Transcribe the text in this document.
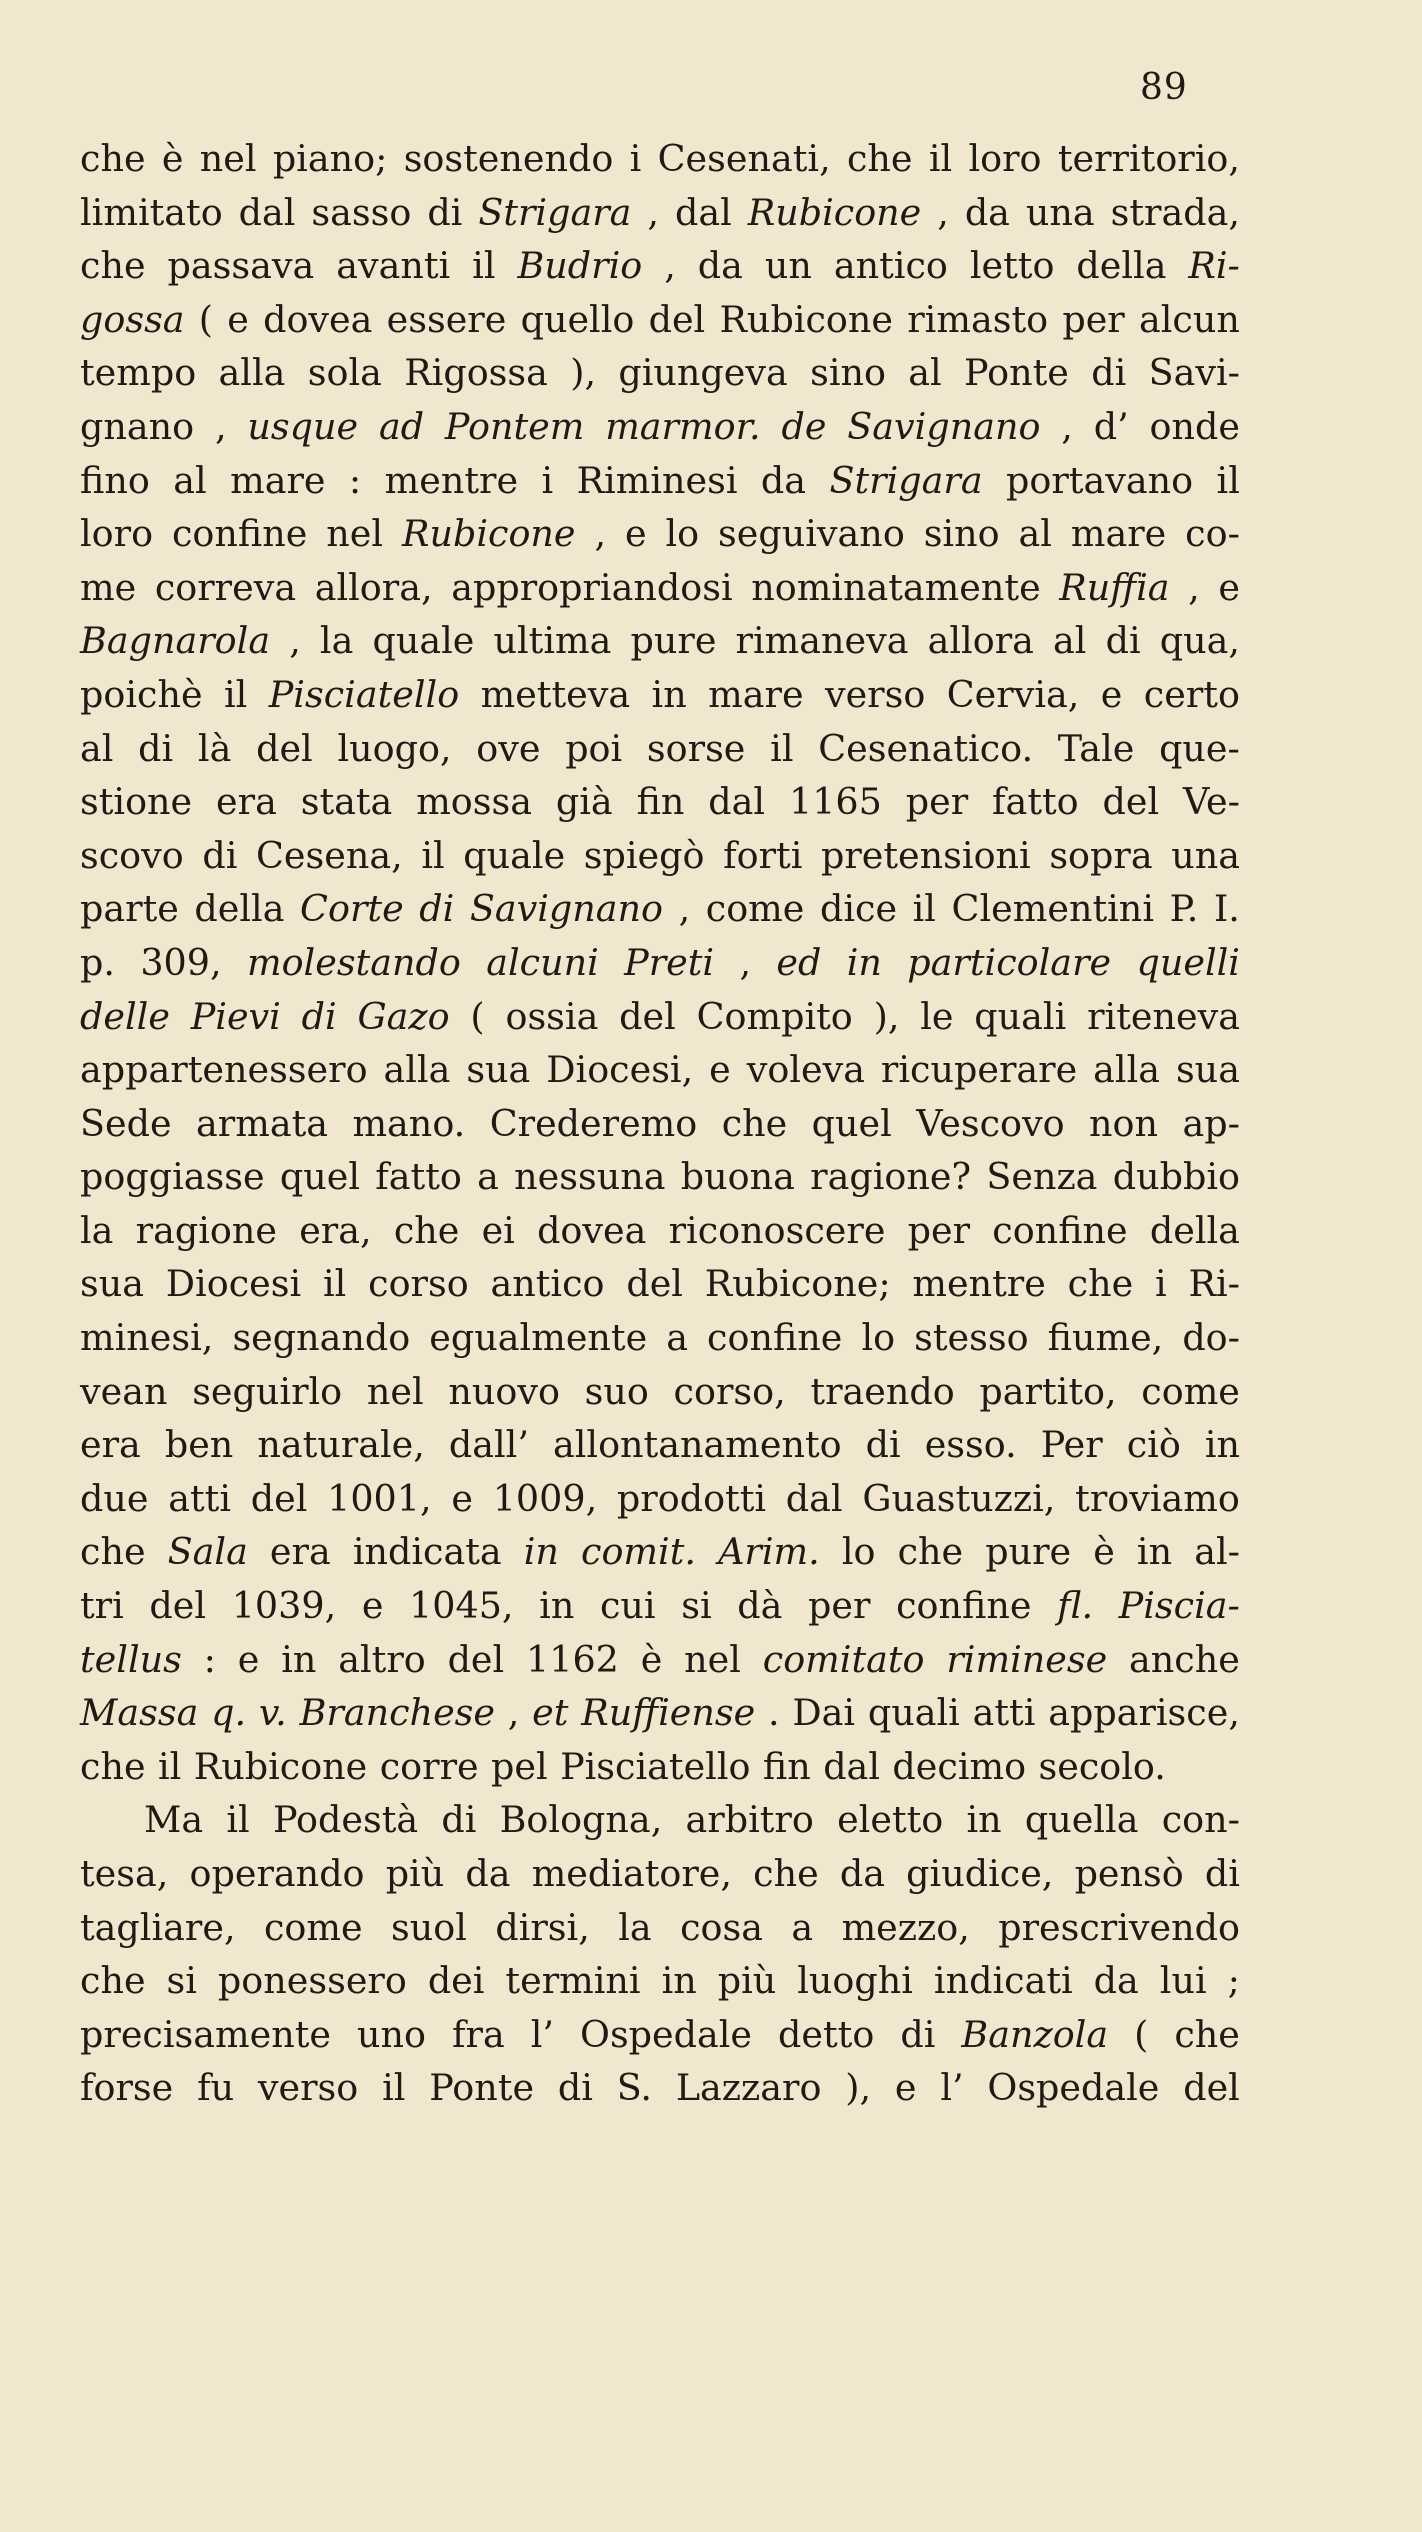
89
che è nel piano; sostenendo i Cesenati, che il loro territorio,
limitato dal sasso di Strigara , dal Rubicone , da una strada,
che passava avanti il Budrio , da un antico letto della Ri-
gossa ( e dovea essere quello del Rubicone rimasto per alcun
tempo alla sola Rigossa ), giungeva sino al Ponte di Savi-
gnano , usque ad Pontem marmor. de Savignano , d’ onde
fino al mare : mentre i Riminesi da Strigara portavano il
loro confine nel Rubicone , e lo seguivano sino al mare co-
me correva allora, appropriandosi nominatamente Ruffia , e
Bagnarola , la quale ultima pure rimaneva allora al di qua,
poichè il Pisciatello metteva in mare verso Cervia, e certo
al di là del luogo, ove poi sorse il Cesenatico. Tale que-
stione era stata mossa già fin dal 1165 per fatto del Ve-
scovo di Cesena, il quale spiegò forti pretensioni sopra una
parte della Corte di Savignano , come dice il Clementini P. I.
p. 309, molestando alcuni Preti , ed in particolare quelli
delle Pievi di Gazo ( ossia del Compito ), le quali riteneva
appartenessero alla sua Diocesi, e voleva ricuperare alla sua
Sede armata mano. Crederemo che quel Vescovo non ap-
poggiasse quel fatto a nessuna buona ragione? Senza dubbio
la ragione era, che ei dovea riconoscere per confine della
sua Diocesi il corso antico del Rubicone; mentre che i Ri-
minesi, segnando egualmente a confine lo stesso fiume, do-
vean seguirlo nel nuovo suo corso, traendo partito, come
era ben naturale, dall’ allontanamento di esso. Per ciò in
due atti del 1001, e 1009, prodotti dal Guastuzzi, troviamo
che Sala era indicata in comit. Arim. lo che pure è in al-
tri del 1039, e 1045, in cui si dà per confine fl. Piscia-
tellus : e in altro del 1162 è nel comitato riminese anche
Massa q. v. Branchese , et Ruffiense . Dai quali atti apparisce,
che il Rubicone corre pel Pisciatello fin dal decimo secolo.
Ma il Podestà di Bologna, arbitro eletto in quella con-
tesa, operando più da mediatore, che da giudice, pensò di
tagliare, come suol dirsi, la cosa a mezzo, prescrivendo
che si ponessero dei termini in più luoghi indicati da lui ;
precisamente uno fra l’ Ospedale detto di Banzola ( che
forse fu verso il Ponte di S. Lazzaro ), e l’ Ospedale del
